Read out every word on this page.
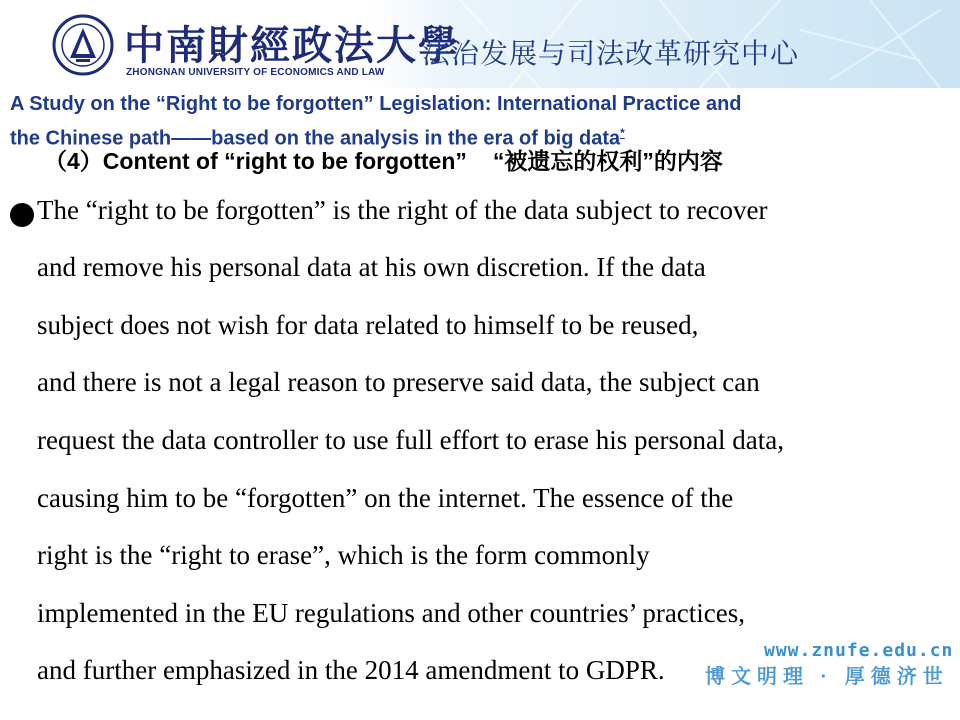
中南財經政法大學
ZHONGNAN UNIVERSITY OF ECONOMICS AND LAW
法治发展与司法改革研究中心
A Study on the “Right to be forgotten” Legislation: International Practice and
the Chinese path——based on the analysis in the era of big data*
（4）Content of “right to be forgotten” “被遗忘的权利”的内容
The “right to be forgotten” is the right of the data subject to recover
and remove his personal data at his own discretion. If the data
subject does not wish for data related to himself to be reused,
and there is not a legal reason to preserve said data, the subject can
request the data controller to use full effort to erase his personal data,
causing him to be “forgotten” on the internet. The essence of the
right is the “right to erase”, which is the form commonly
implemented in the EU regulations and other countries’ practices,
and further emphasized in the 2014 amendment to GDPR.
www.znufe.edu.cn
博文明理 · 厚德济世
